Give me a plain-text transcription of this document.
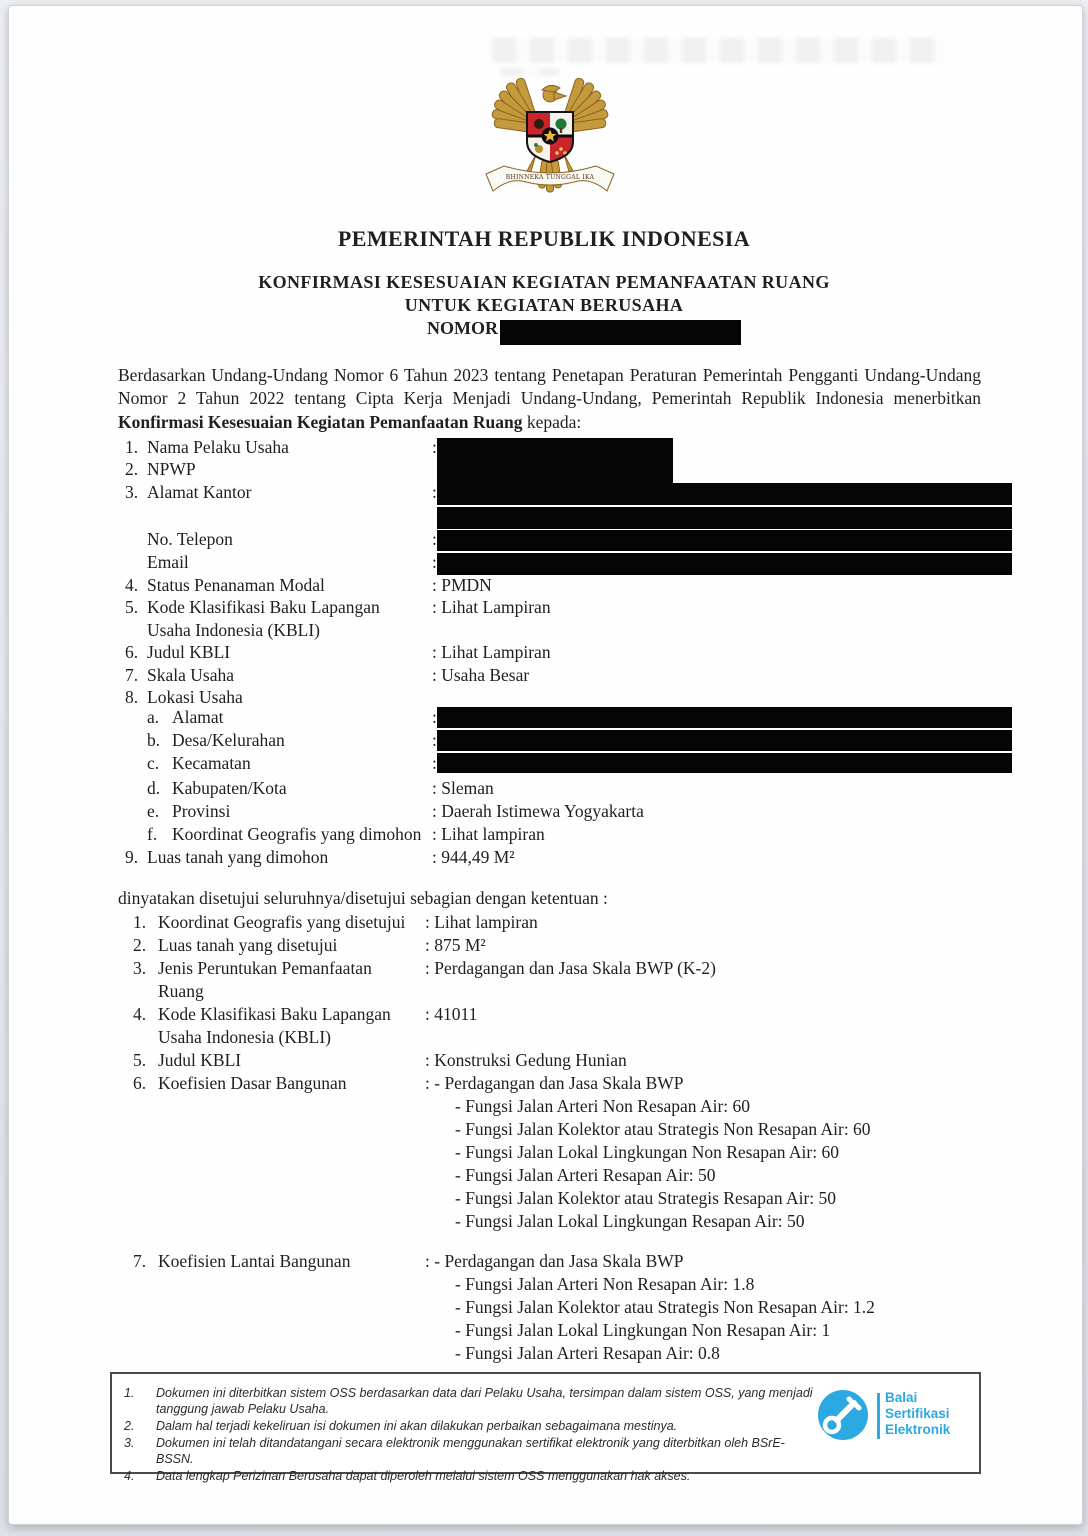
BHINNEKA TUNGGAL IKA
PEMERINTAH REPUBLIK INDONESIA
KONFIRMASI KESESUAIAN KEGIATAN PEMANFAATAN RUANG
UNTUK KEGIATAN BERUSAHA
NOMOR
Berdasarkan Undang-Undang Nomor 6 Tahun 2023 tentang Penetapan Peraturan Pemerintah Pengganti Undang-Undang Nomor 2 Tahun 2022 tentang Cipta Kerja Menjadi Undang-Undang, Pemerintah Republik Indonesia menerbitkan Konfirmasi Kesesuaian Kegiatan Pemanfaatan Ruang kepada:
1. Nama Pelaku Usaha	:
2. NPWP
3. Alamat Kantor	:
No. Telepon	:
Email	:
4. Status Penanaman Modal	: PMDN
5. Kode Klasifikasi Baku Lapangan	: Lihat Lampiran
Usaha Indonesia (KBLI)
6. Judul KBLI	: Lihat Lampiran
7. Skala Usaha	: Usaha Besar
8. Lokasi Usaha
a. Alamat	:
b. Desa/Kelurahan	:
c. Kecamatan	:
d. Kabupaten/Kota	: Sleman
e. Provinsi	: Daerah Istimewa Yogyakarta
f. Koordinat Geografis yang dimohon : Lihat lampiran
9. Luas tanah yang dimohon	: 944,49 M²
dinyatakan disetujui seluruhnya/disetujui sebagian dengan ketentuan :
1. Koordinat Geografis yang disetujui : Lihat lampiran
2. Luas tanah yang disetujui	: 875 M²
3. Jenis Peruntukan Pemanfaatan	: Perdagangan dan Jasa Skala BWP (K-2)
Ruang
4. Kode Klasifikasi Baku Lapangan : 41011
Usaha Indonesia (KBLI)
5. Judul KBLI	: Konstruksi Gedung Hunian
6. Koefisien Dasar Bangunan	: - Perdagangan dan Jasa Skala BWP
- Fungsi Jalan Arteri Non Resapan Air: 60
- Fungsi Jalan Kolektor atau Strategis Non Resapan Air: 60
- Fungsi Jalan Lokal Lingkungan Non Resapan Air: 60
- Fungsi Jalan Arteri Resapan Air: 50
- Fungsi Jalan Kolektor atau Strategis Resapan Air: 50
- Fungsi Jalan Lokal Lingkungan Resapan Air: 50
7. Koefisien Lantai Bangunan	: - Perdagangan dan Jasa Skala BWP
- Fungsi Jalan Arteri Non Resapan Air: 1.8
- Fungsi Jalan Kolektor atau Strategis Non Resapan Air: 1.2
- Fungsi Jalan Lokal Lingkungan Non Resapan Air: 1
- Fungsi Jalan Arteri Resapan Air: 0.8
1.	Dokumen ini diterbitkan sistem OSS berdasarkan data dari Pelaku Usaha, tersimpan dalam sistem OSS, yang menjadi tanggung jawab Pelaku Usaha.
2.	Dalam hal terjadi kekeliruan isi dokumen ini akan dilakukan perbaikan sebagaimana mestinya.
3.	Dokumen ini telah ditandatangani secara elektronik menggunakan sertifikat elektronik yang diterbitkan oleh BSrE-BSSN.
4.	Data lengkap Perizinan Berusaha dapat diperoleh melalui sistem OSS menggunakan hak akses.
Balai
Sertifikasi
Elektronik
